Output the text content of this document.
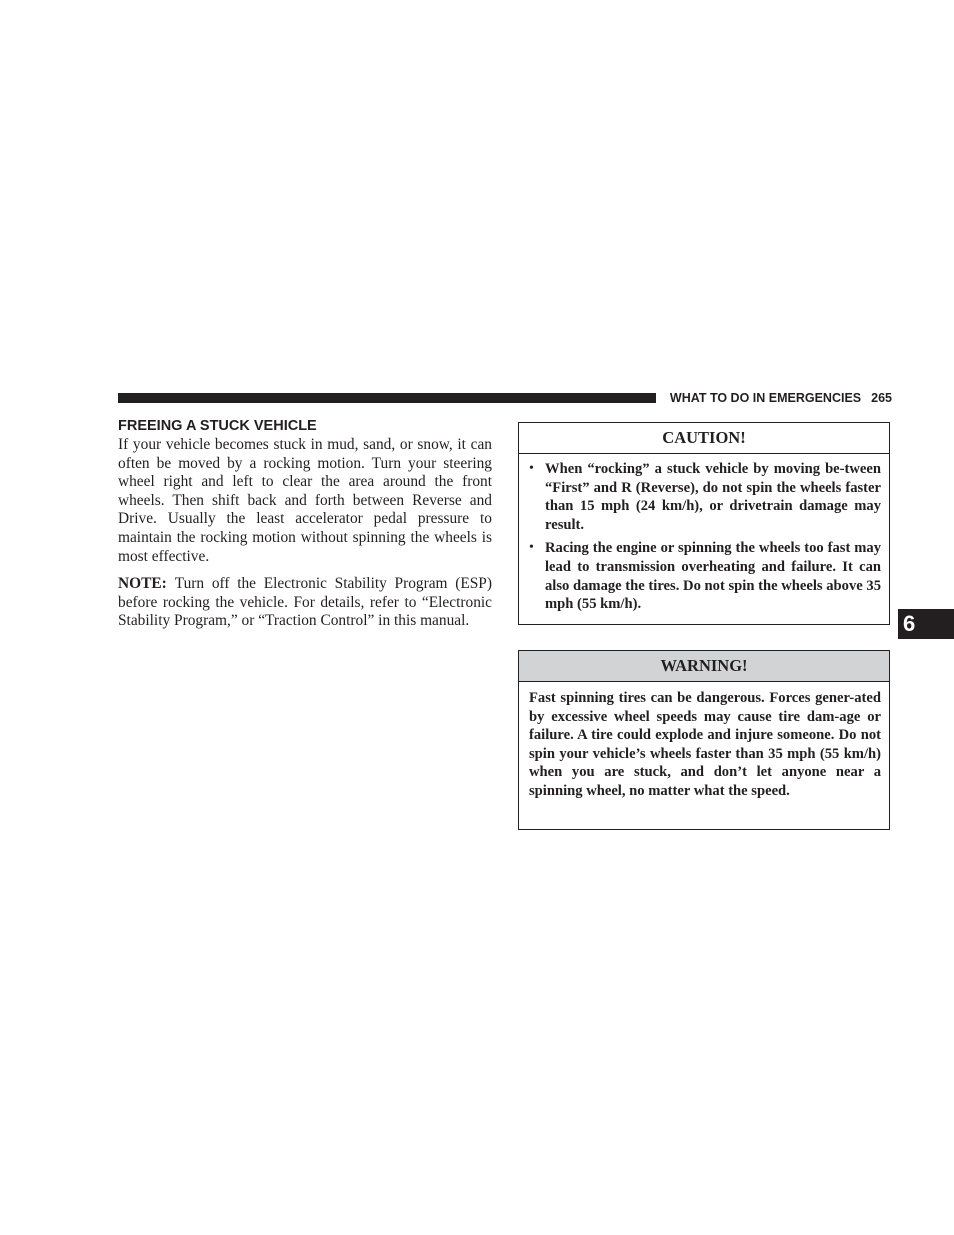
WHAT TO DO IN EMERGENCIES 265
FREEING A STUCK VEHICLE

If your vehicle becomes stuck in mud, sand, or snow, it can often be moved by a rocking motion. Turn your steering wheel right and left to clear the area around the front wheels. Then shift back and forth between Reverse and Drive. Usually the least accelerator pedal pressure to maintain the rocking motion without spinning the wheels is most effective.

NOTE: Turn off the Electronic Stability Program (ESP) before rocking the vehicle. For details, refer to “Electronic Stability Program,” or “Traction Control” in this manual.

CAUTION!
• When “rocking” a stuck vehicle by moving be-tween “First” and R (Reverse), do not spin the wheels faster than 15 mph (24 km/h), or drivetrain damage may result.
• Racing the engine or spinning the wheels too fast may lead to transmission overheating and failure. It can also damage the tires. Do not spin the wheels above 35 mph (55 km/h).
WARNING!

Fast spinning tires can be dangerous. Forces gener-ated by excessive wheel speeds may cause tire dam-age or failure. A tire could explode and injure someone. Do not spin your vehicle’s wheels faster than 35 mph (55 km/h) when you are stuck, and don’t let anyone near a spinning wheel, no matter what the speed.

6
